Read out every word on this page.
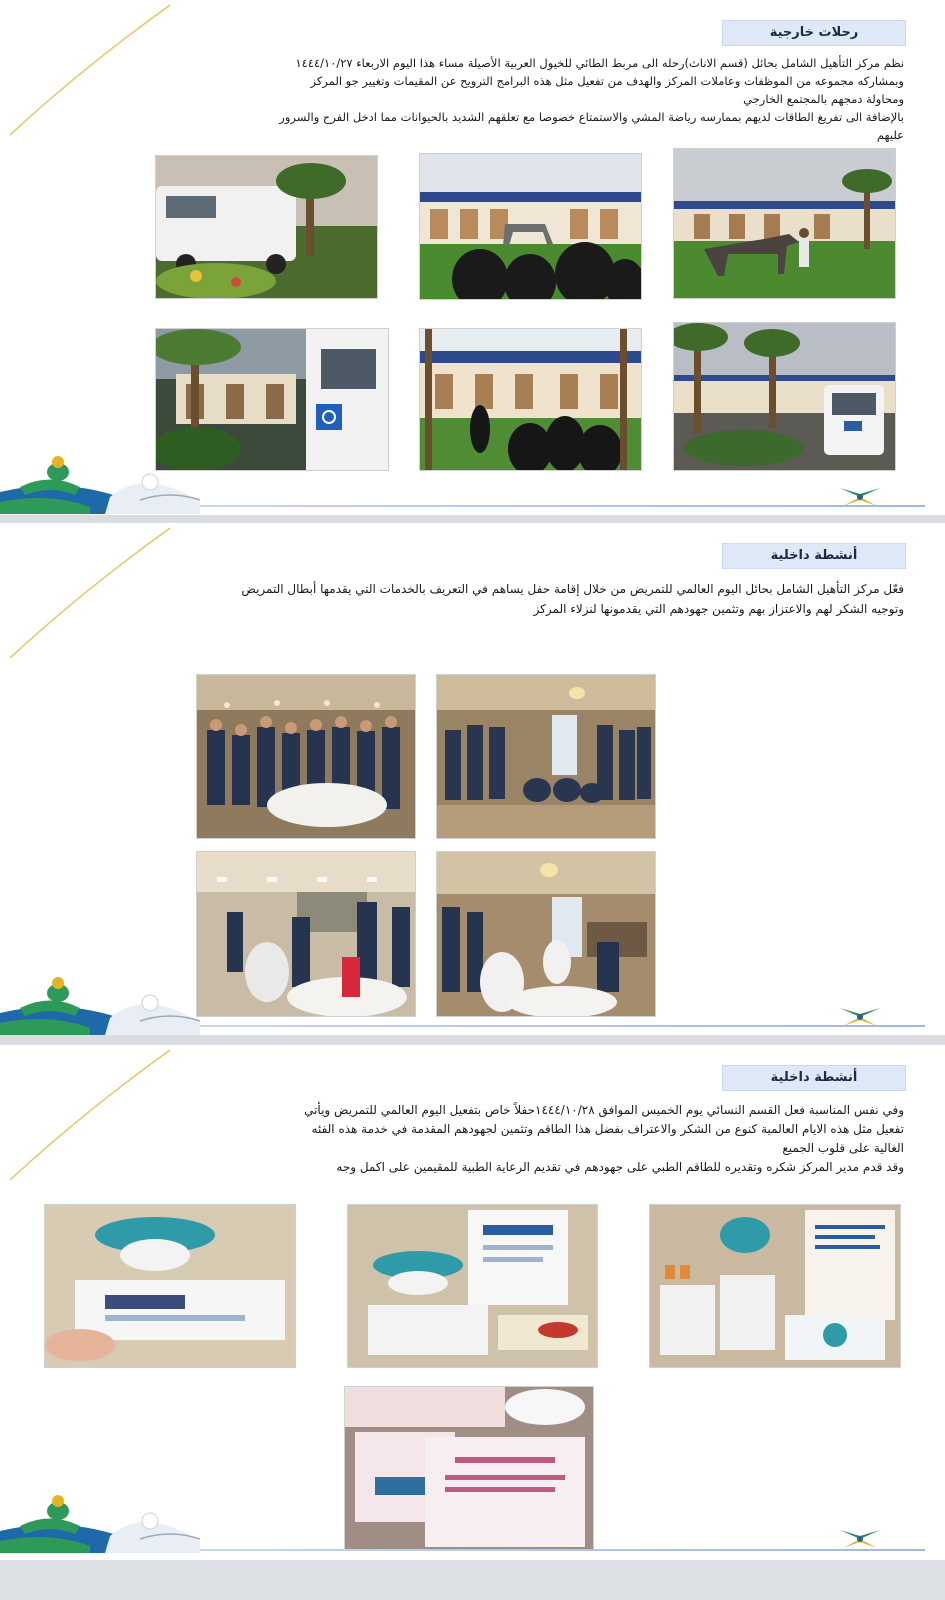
رحلات خارجية

نظم مركز التأهيل الشامل بحائل (قسم الاناث)رحله الى مربط الطائي للخيول العربية الأصيلة مساء هذا اليوم الاربعاء ١٤٤٤/١٠/٢٧

وبمشاركه مجموعه من الموظفات وعاملات المركز والهدف من تفعيل مثل هذه البرامج الترويح عن المقيمات وتغيير جو المركز

ومحاولة دمجهم بالمجتمع الخارجي

بالإضافة الى تفريغ الطاقات لديهم بممارسه رياضة المشي والاستمتاع خصوصا مع تعلقهم الشديد بالحيوانات مما ادخل الفرح والسرور

عليهم

أنشطة داخلية

فعّل مركز التأهيل الشامل بحائل اليوم العالمي للتمريض من خلال إقامة حفل يساهم في التعريف بالخدمات التي يقدمها أبطال التمريض

وتوجيه الشكر لهم والاعتزاز بهم وتثمين جهودهم التي يقدمونها لنزلاء المركز

أنشطة داخلية

وفي نفس المناسبة فعل القسم النسائي يوم الخميس الموافق ١٤٤٤/١٠/٢٨حفلاً خاص بتفعيل اليوم العالمي للتمريض ويأتي

تفعيل مثل هذه الايام العالمية كنوع من الشكر والاعتراف بفضل هذا الطاقم وتثمين لجهودهم المقدمة في خدمة هذه الفئه

الغالية على قلوب الجميع

وقد قدم مدير المركز شكره وتقديره للطاقم الطبي على جهودهم في تقديم الرعاية الطبية للمقيمين على اكمل وجه
